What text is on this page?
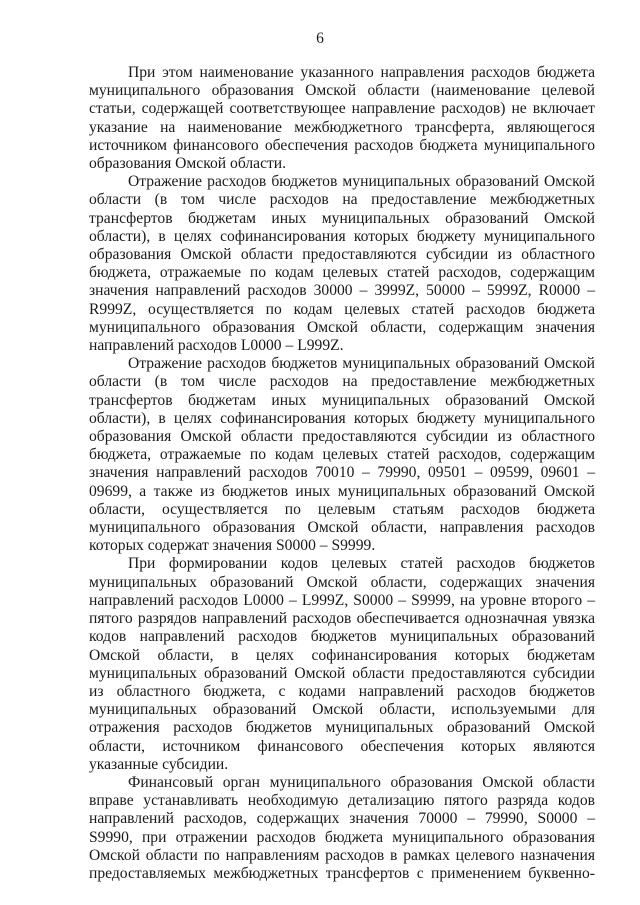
6

При этом наименование указанного направления расходов бюджета муниципального образования Омской области (наименование целевой статьи, содержащей соответствующее направление расходов) не включает указание на наименование межбюджетного трансферта, являющегося источником финансового обеспечения расходов бюджета муниципального образования Омской области.

Отражение расходов бюджетов муниципальных образований Омской области (в том числе расходов на предоставление межбюджетных трансфертов бюджетам иных муниципальных образований Омской области), в целях софинансирования которых бюджету муниципального образования Омской области предоставляются субсидии из областного бюджета, отражаемые по кодам целевых статей расходов, содержащим значения направлений расходов 30000 – 3999Z, 50000 – 5999Z, R0000 – R999Z, осуществляется по кодам целевых статей расходов бюджета муниципального образования Омской области, содержащим значения направлений расходов L0000 – L999Z.

Отражение расходов бюджетов муниципальных образований Омской области (в том числе расходов на предоставление межбюджетных трансфертов бюджетам иных муниципальных образований Омской области), в целях софинансирования которых бюджету муниципального образования Омской области предоставляются субсидии из областного бюджета, отражаемые по кодам целевых статей расходов, содержащим значения направлений расходов 70010 – 79990, 09501 – 09599, 09601 – 09699, а также из бюджетов иных муниципальных образований Омской области, осуществляется по целевым статьям расходов бюджета муниципального образования Омской области, направления расходов которых содержат значения S0000 – S9999.

При формировании кодов целевых статей расходов бюджетов муниципальных образований Омской области, содержащих значения направлений расходов L0000 – L999Z, S0000 – S9999, на уровне второго – пятого разрядов направлений расходов обеспечивается однозначная увязка кодов направлений расходов бюджетов муниципальных образований Омской области, в целях софинансирования которых бюджетам муниципальных образований Омской области предоставляются субсидии из областного бюджета, с кодами направлений расходов бюджетов муниципальных образований Омской области, используемыми для отражения расходов бюджетов муниципальных образований Омской области, источником финансового обеспечения которых являются указанные субсидии.

Финансовый орган муниципального образования Омской области вправе устанавливать необходимую детализацию пятого разряда кодов направлений расходов, содержащих значения 70000 – 79990, S0000 – S9990, при отражении расходов бюджета муниципального образования Омской области по направлениям расходов в рамках целевого назначения предоставляемых межбюджетных трансфертов с применением буквенно-
